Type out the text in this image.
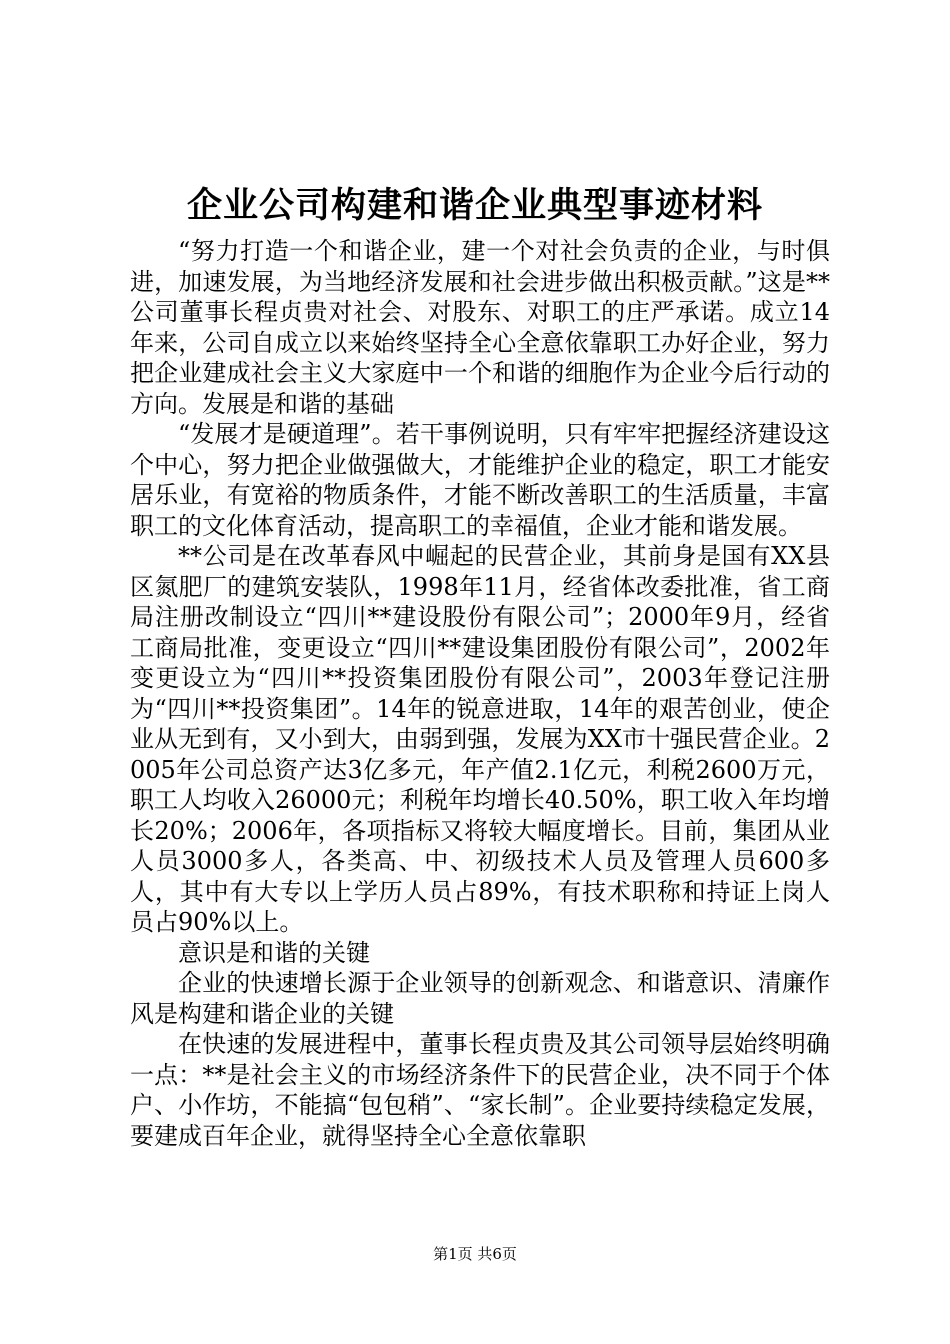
企业公司构建和谐企业典型事迹材料

“努力打造一个和谐企业，建一个对社会负责的企业，与时俱进，加速发展，为当地经济发展和社会进步做出积极贡献。”这是**公司董事长程贞贵对社会、对股东、对职工的庄严承诺。成立14年来，公司自成立以来始终坚持全心全意依靠职工办好企业，努力把企业建成社会主义大家庭中一个和谐的细胞作为企业今后行动的方向。发展是和谐的基础

“发展才是硬道理”。若干事例说明，只有牢牢把握经济建设这个中心，努力把企业做强做大，才能维护企业的稳定，职工才能安居乐业，有宽裕的物质条件，才能不断改善职工的生活质量，丰富职工的文化体育活动，提高职工的幸福值，企业才能和谐发展。

**公司是在改革春风中崛起的民营企业，其前身是国有XX县区氮肥厂的建筑安装队，1998年11月，经省体改委批准，省工商局注册改制设立“四川**建设股份有限公司”；2000年9月，经省工商局批准，变更设立“四川**建设集团股份有限公司”，2002年变更设立为“四川**投资集团股份有限公司”，2003年登记注册为“四川**投资集团”。14年的锐意进取，14年的艰苦创业，使企业从无到有，又小到大，由弱到强，发展为XX市十强民营企业。2005年公司总资产达3亿多元，年产值2.1亿元，利税2600万元，职工人均收入26000元；利税年均增长40.50%，职工收入年均增长20%；2006年，各项指标又将较大幅度增长。目前，集团从业人员3000多人，各类高、中、初级技术人员及管理人员600多人，其中有大专以上学历人员占89%，有技术职称和持证上岗人员占90%以上。

意识是和谐的关键

企业的快速增长源于企业领导的创新观念、和谐意识、清廉作风是构建和谐企业的关键

在快速的发展进程中，董事长程贞贵及其公司领导层始终明确一点：**是社会主义的市场经济条件下的民营企业，决不同于个体户、小作坊，不能搞“包包稍”、“家长制”。企业要持续稳定发展，要建成百年企业，就得坚持全心全意依靠职

第1页 共6页
